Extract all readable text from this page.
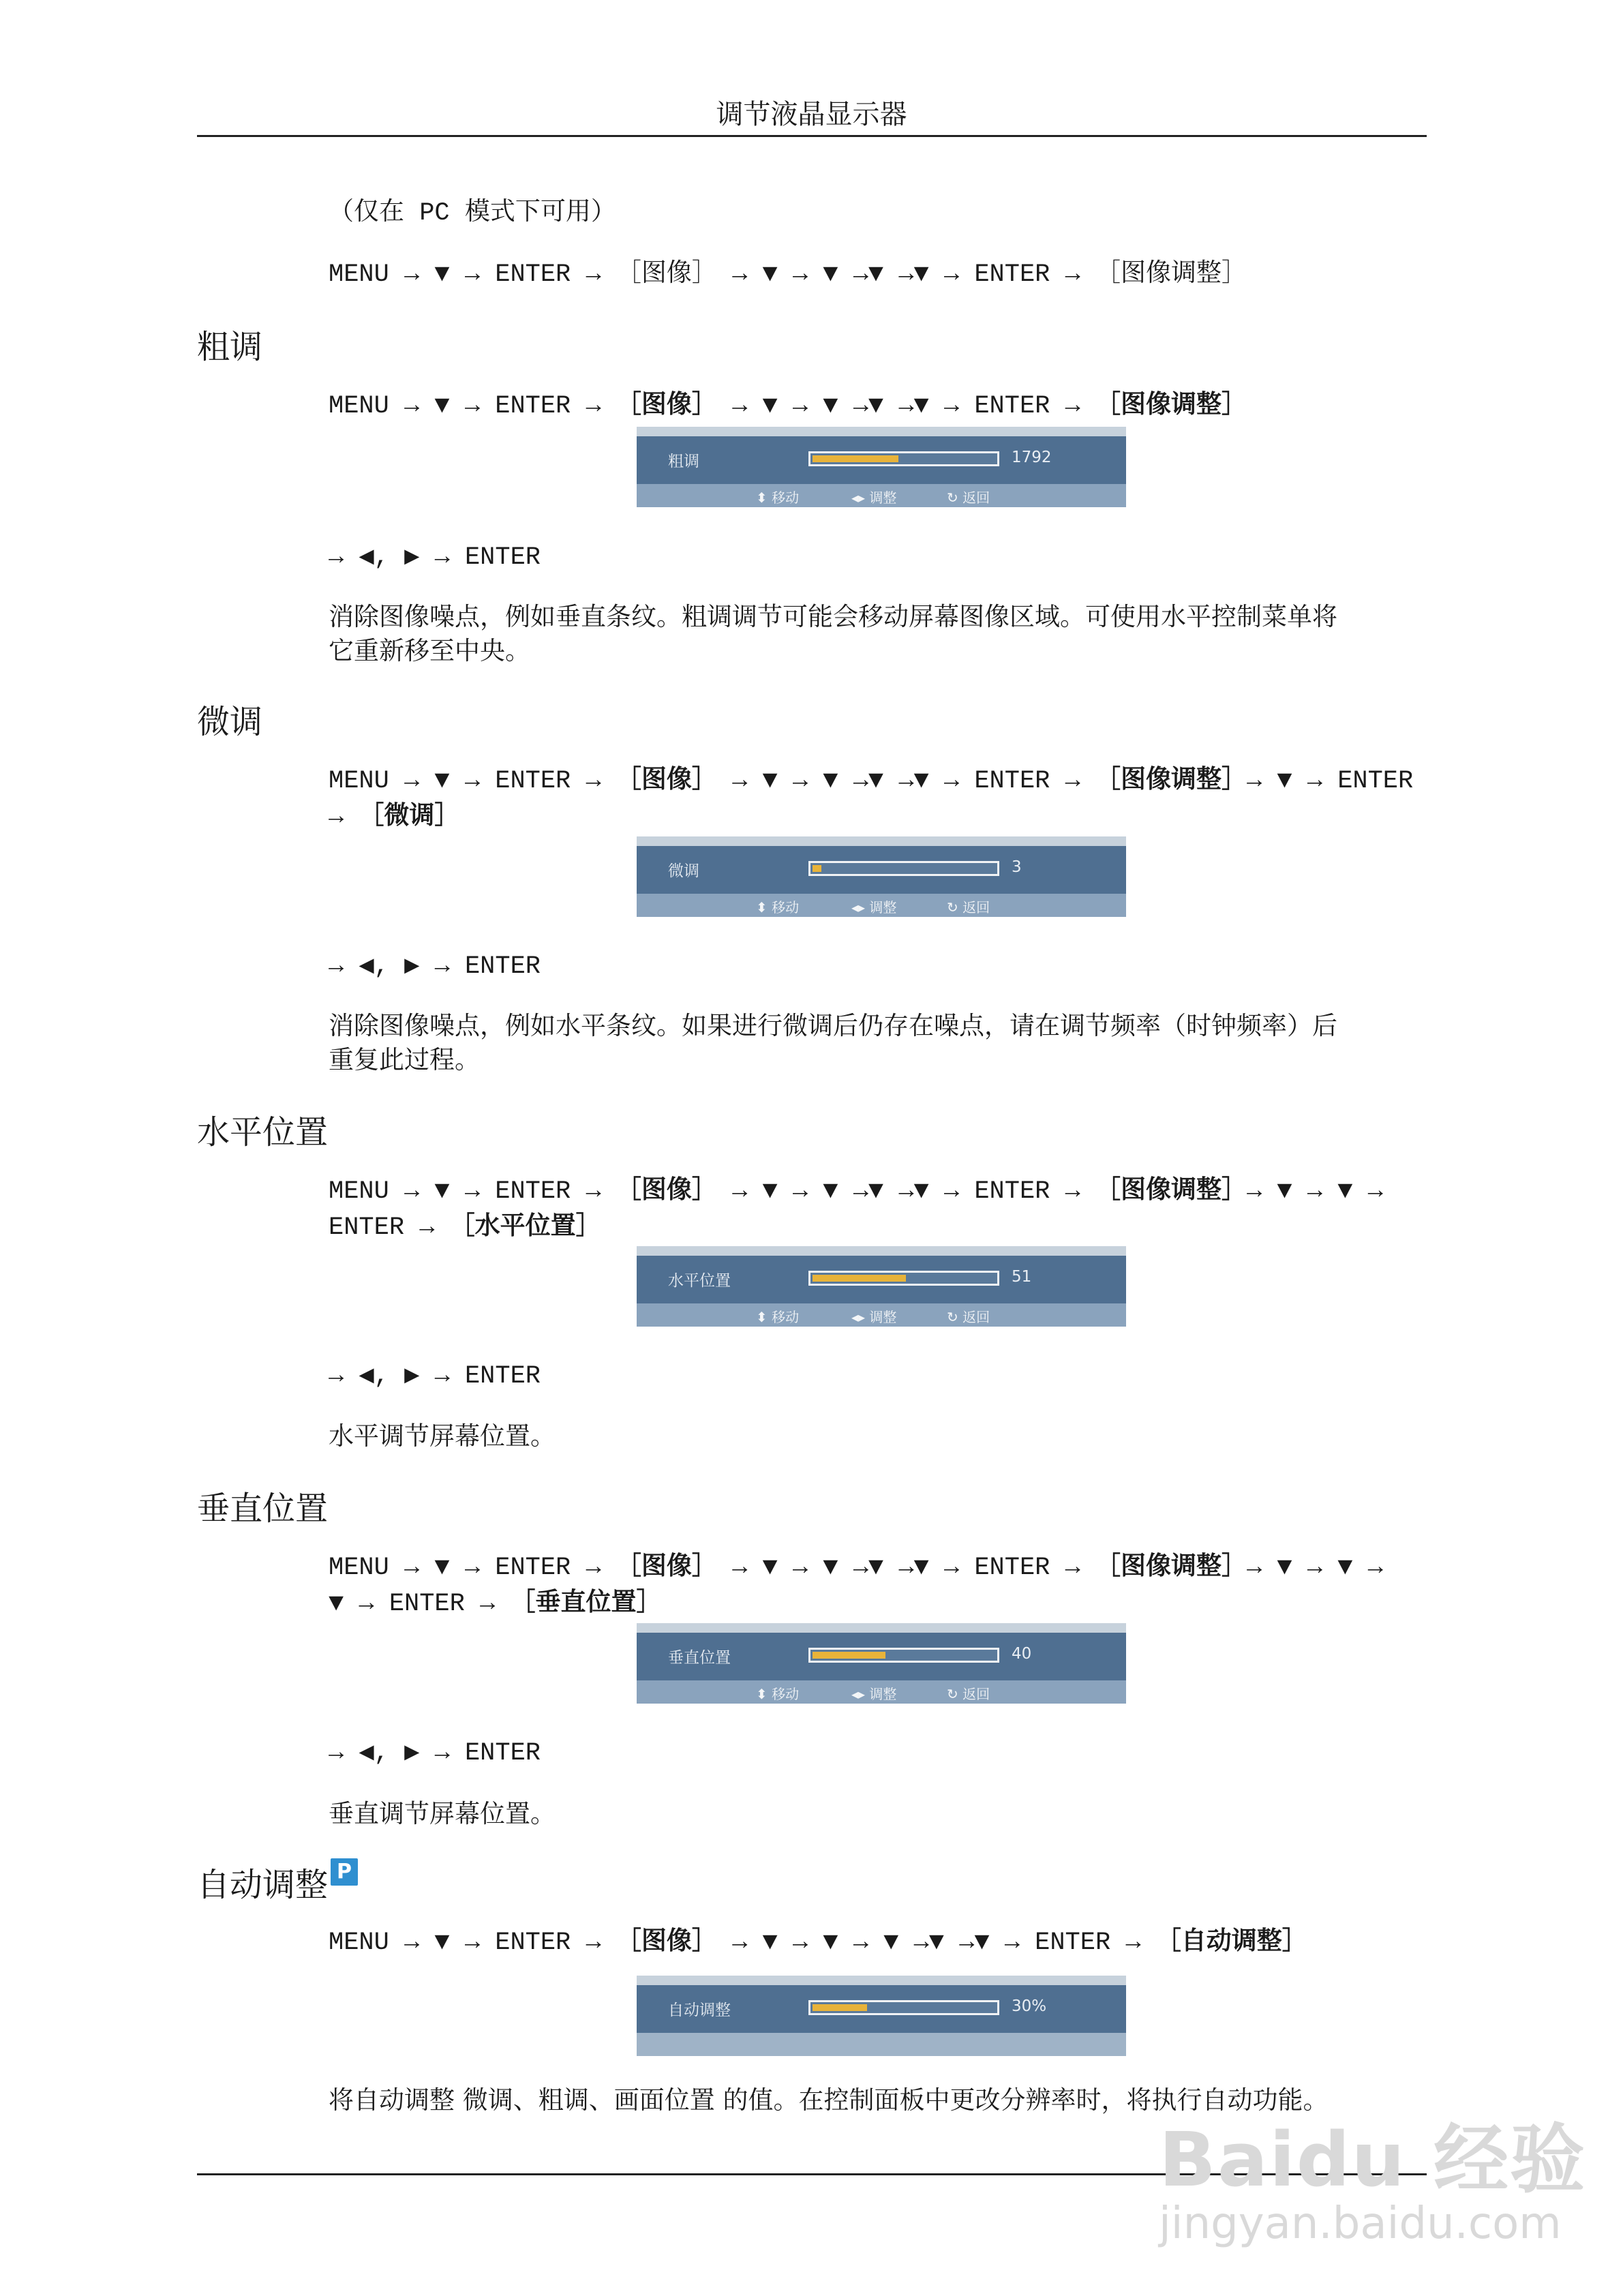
调节液晶显示器
（仅在 PC 模式下可用）
MENU → ▼ → ENTER → ［图像］ → ▼ → ▼ →▼ →▼ → ENTER → ［图像调整］
粗调
MENU → ▼ → ENTER → ［图像］ → ▼ → ▼ →▼ →▼ → ENTER → ［图像调整］
粗调	1792
⬍ 移动	◂▸ 调整	↻ 返回
→ ◀, ▶ → ENTER
消除图像噪点，例如垂直条纹。粗调调节可能会移动屏幕图像区域。可使用水平控制菜单将
它重新移至中央。
微调
MENU → ▼ → ENTER → ［图像］ → ▼ → ▼ →▼ →▼ → ENTER → ［图像调整］→ ▼ → ENTER
→ ［微调］
微调	3
⬍ 移动	◂▸ 调整	↻ 返回
→ ◀, ▶ → ENTER
消除图像噪点，例如水平条纹。如果进行微调后仍存在噪点，请在调节频率（时钟频率）后
重复此过程。
水平位置
MENU → ▼ → ENTER → ［图像］ → ▼ → ▼ →▼ →▼ → ENTER → ［图像调整］→ ▼ → ▼ →
ENTER → ［水平位置］
水平位置	51
⬍ 移动	◂▸ 调整	↻ 返回
→ ◀, ▶ → ENTER
水平调节屏幕位置。
垂直位置
MENU → ▼ → ENTER → ［图像］ → ▼ → ▼ →▼ →▼ → ENTER → ［图像调整］→ ▼ → ▼ →
▼ → ENTER → ［垂直位置］
垂直位置	40
⬍ 移动	◂▸ 调整	↻ 返回
→ ◀, ▶ → ENTER
垂直调节屏幕位置。
自动调整 P
MENU → ▼ → ENTER → ［图像］ → ▼ → ▼ → ▼ →▼ →▼ → ENTER → ［自动调整］
自动调整	30%
将自动调整 微调、粗调、画面位置 的值。在控制面板中更改分辨率时，将执行自动功能。
Baidu 经验
jingyan.baidu.com
